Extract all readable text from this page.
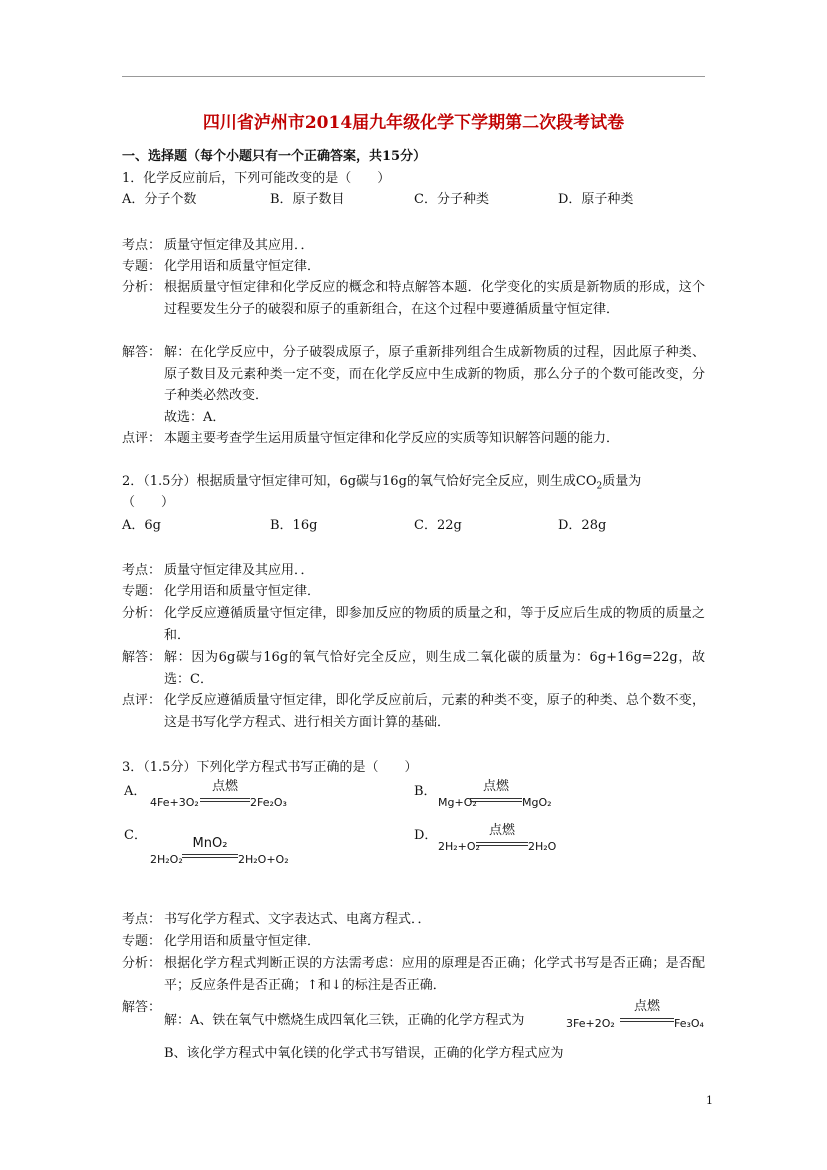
四川省泸州市2014届九年级化学下学期第二次段考试卷
一、选择题（每个小题只有一个正确答案，共15分）
1．化学反应前后，下列可能改变的是（　　）
A．分子个数	B．原子数目	C．分子种类	D．原子种类
考点： 质量守恒定律及其应用．．
专题： 化学用语和质量守恒定律．
分析： 根据质量守恒定律和化学反应的概念和特点解答本题．化学变化的实质是新物质的形成，这个过程要发生分子的破裂和原子的重新组合，在这个过程中要遵循质量守恒定律．
解答： 解：在化学反应中，分子破裂成原子，原子重新排列组合生成新物质的过程，因此原子种类、原子数目及元素种类一定不变，而在化学反应中生成新的物质，那么分子的个数可能改变，分子种类必然改变．
故选：A．
点评： 本题主要考查学生运用质量守恒定律和化学反应的实质等知识解答问题的能力．
2．（1.5分）根据质量守恒定律可知，6g碳与16g的氧气恰好完全反应，则生成$CO_2$质量为
（　　）
A．6g	B．16g	C．22g	D．28g
考点： 质量守恒定律及其应用．．
专题： 化学用语和质量守恒定律．
分析： 化学反应遵循质量守恒定律，即参加反应的物质的质量之和，等于反应后生成的物质的质量之和．
解答： 解：因为6g碳与16g的氧气恰好完全反应，则生成二氧化碳的质量为：6g+16g=22g，故选：C．
点评： 化学反应遵循质量守恒定律，即化学反应前后，元素的种类不变，原子的种类、总个数不变，这是书写化学方程式、进行相关方面计算的基础．
3．（1.5分）下列化学方程式书写正确的是（　　）
A．
4Fe+3O₂
点燃
2Fe₂O₃
B．
Mg+O₂
点燃
MgO₂
C．
2H₂O₂
MnO₂
2H₂O+O₂
D．
2H₂+O₂
点燃
2H₂O
考点： 书写化学方程式、文字表达式、电离方程式．．
专题： 化学用语和质量守恒定律．
分析： 根据化学方程式判断正误的方法需考虑：应用的原理是否正确；化学式书写是否正确；是否配平；反应条件是否正确；↑和↓的标注是否正确．
解答：
解：A、铁在氧气中燃烧生成四氧化三铁，正确的化学方程式为	3Fe+2O₂
点燃
Fe₃O₄
B、该化学方程式中氧化镁的化学式书写错误，正确的化学方程式应为
1
